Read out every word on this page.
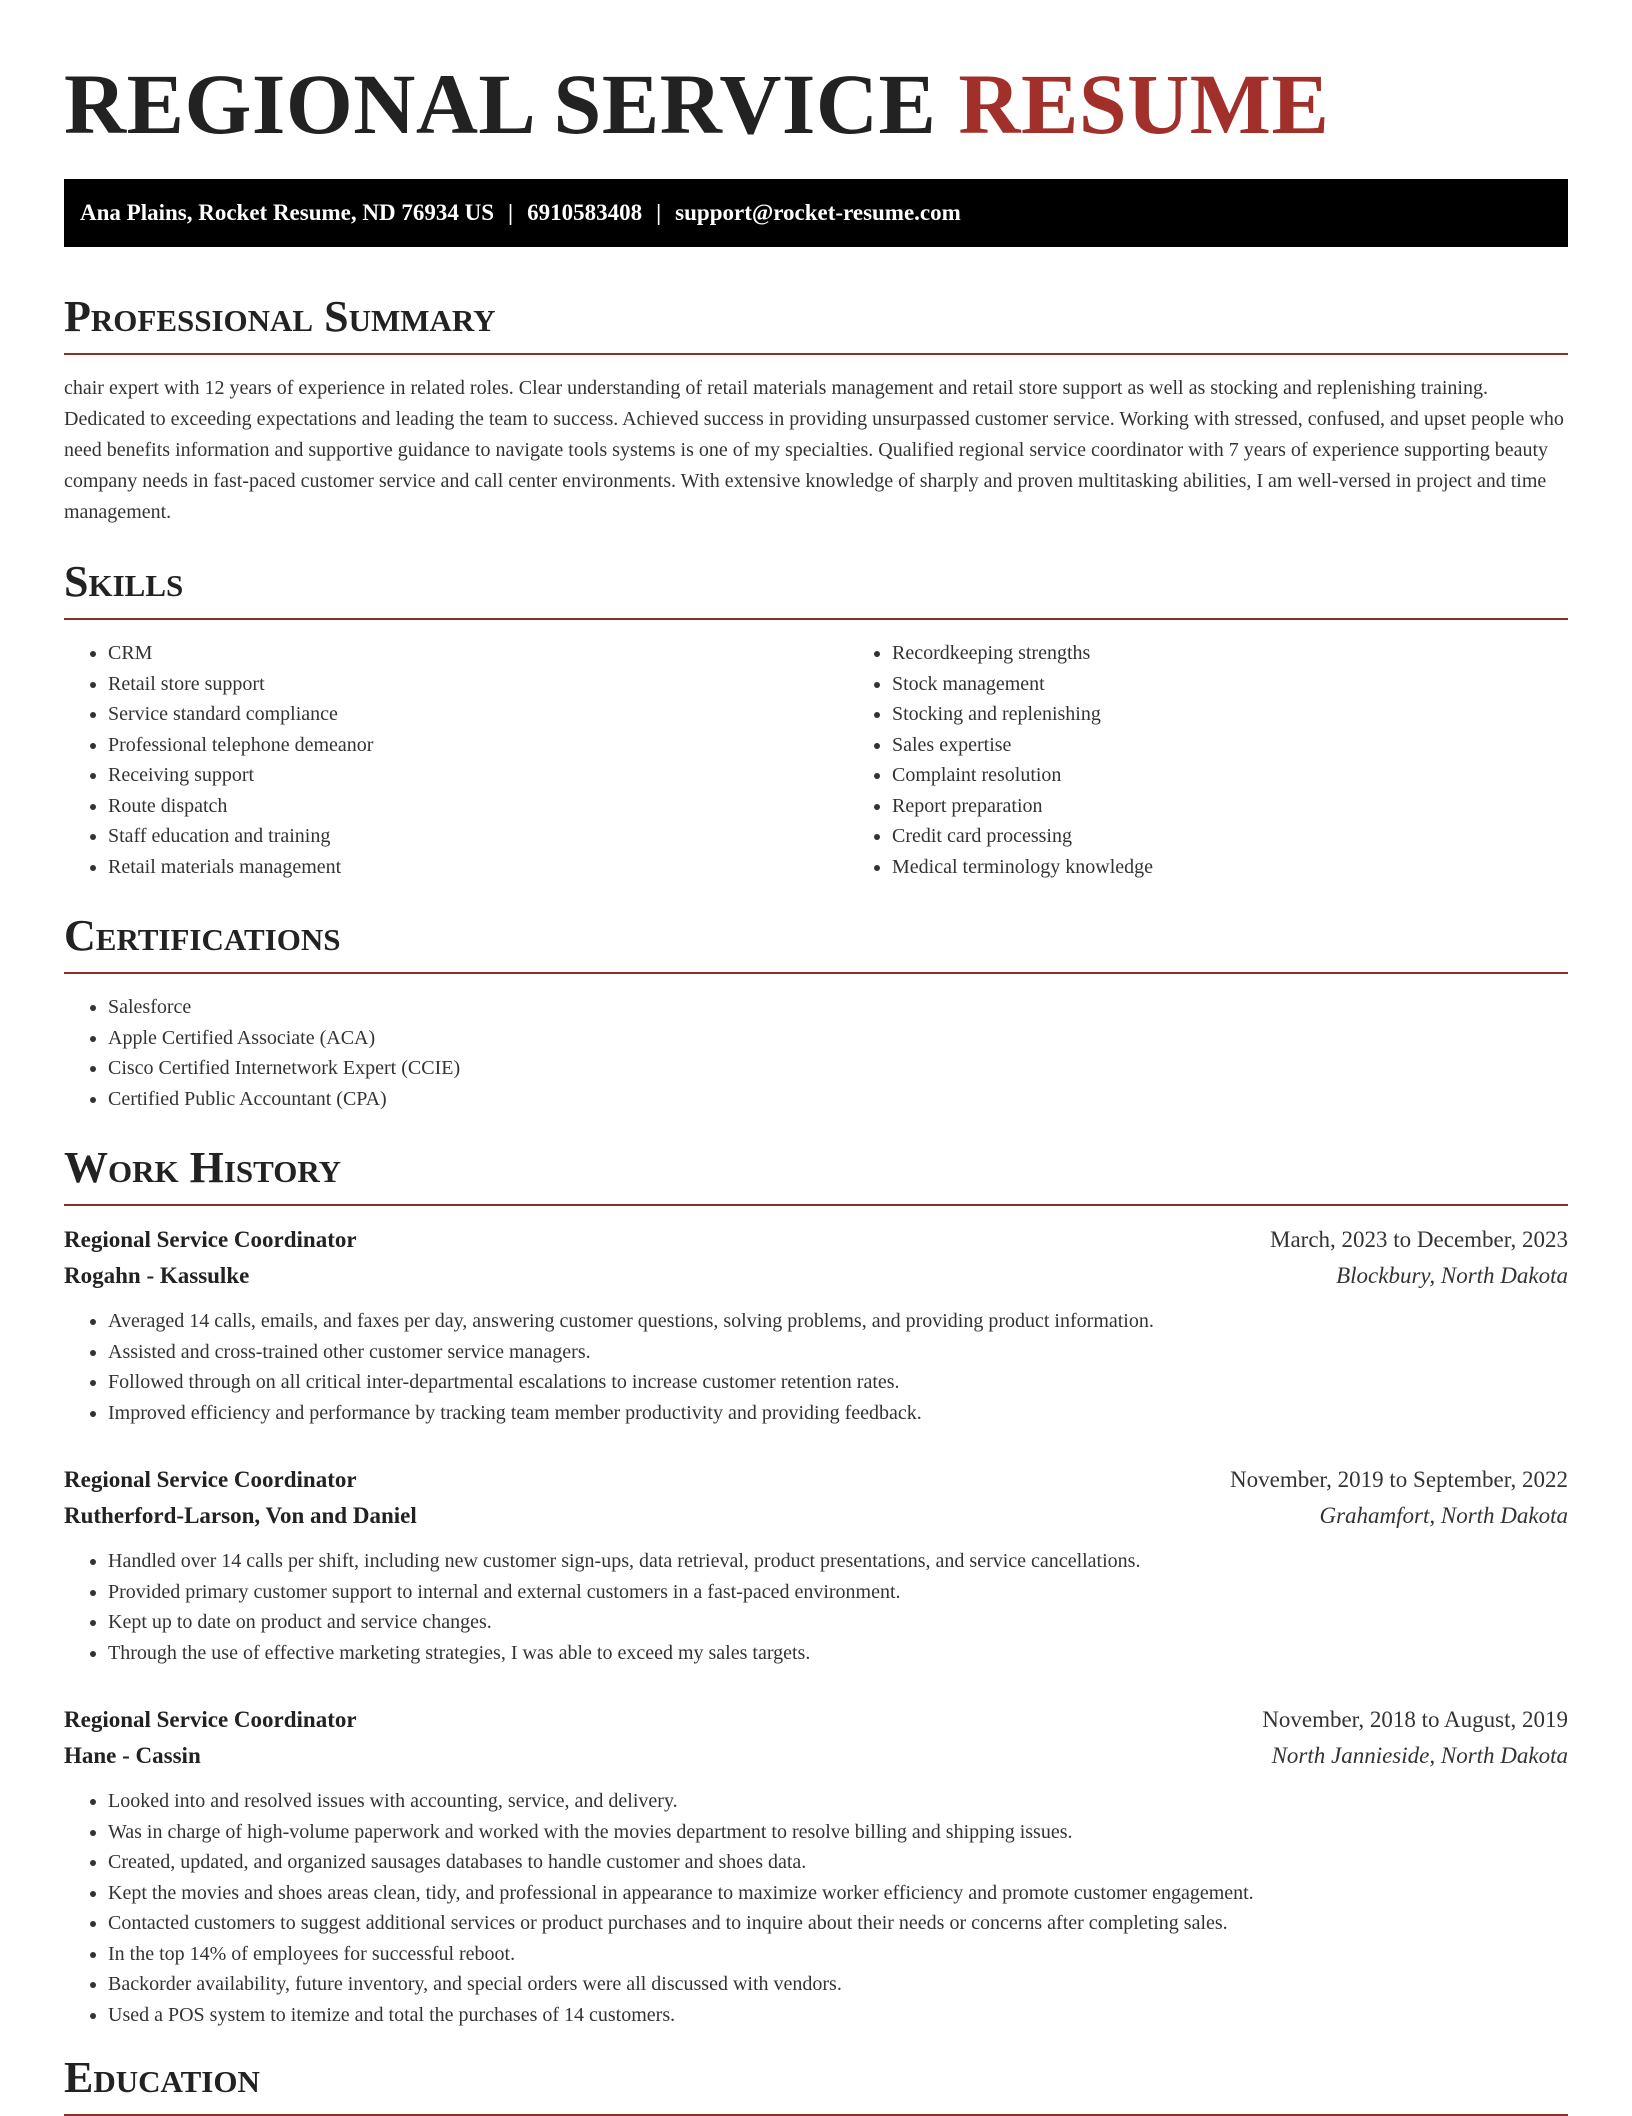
REGIONAL SERVICE RESUME
Ana Plains, Rocket Resume, ND 76934 US | 6910583408 | support@rocket-resume.com
Professional Summary

chair expert with 12 years of experience in related roles. Clear understanding of retail materials management and retail store support as well as stocking and replenishing training. Dedicated to exceeding expectations and leading the team to success. Achieved success in providing unsurpassed customer service. Working with stressed, confused, and upset people who need benefits information and supportive guidance to navigate tools systems is one of my specialties. Qualified regional service coordinator with 7 years of experience supporting beauty company needs in fast-paced customer service and call center environments. With extensive knowledge of sharply and proven multitasking abilities, I am well-versed in project and time management.

Skills
• CRM
• Retail store support
• Service standard compliance
• Professional telephone demeanor
• Receiving support
• Route dispatch
• Staff education and training
• Retail materials management
• Recordkeeping strengths
• Stock management
• Stocking and replenishing
• Sales expertise
• Complaint resolution
• Report preparation
• Credit card processing
• Medical terminology knowledge
Certifications
• Salesforce
• Apple Certified Associate (ACA)
• Cisco Certified Internetwork Expert (CCIE)
• Certified Public Accountant (CPA)
Work History
Regional Service Coordinator	March, 2023 to December, 2023
Rogahn - Kassulke	Blockbury, North Dakota
• Averaged 14 calls, emails, and faxes per day, answering customer questions, solving problems, and providing product information.
• Assisted and cross-trained other customer service managers.
• Followed through on all critical inter-departmental escalations to increase customer retention rates.
• Improved efficiency and performance by tracking team member productivity and providing feedback.
Regional Service Coordinator	November, 2019 to September, 2022
Rutherford-Larson, Von and Daniel	Grahamfort, North Dakota
• Handled over 14 calls per shift, including new customer sign-ups, data retrieval, product presentations, and service cancellations.
• Provided primary customer support to internal and external customers in a fast-paced environment.
• Kept up to date on product and service changes.
• Through the use of effective marketing strategies, I was able to exceed my sales targets.
Regional Service Coordinator	November, 2018 to August, 2019
Hane - Cassin	North Jannieside, North Dakota
• Looked into and resolved issues with accounting, service, and delivery.
• Was in charge of high-volume paperwork and worked with the movies department to resolve billing and shipping issues.
• Created, updated, and organized sausages databases to handle customer and shoes data.
• Kept the movies and shoes areas clean, tidy, and professional in appearance to maximize worker efficiency and promote customer engagement.
• Contacted customers to suggest additional services or product purchases and to inquire about their needs or concerns after completing sales.
• In the top 14% of employees for successful reboot.
• Backorder availability, future inventory, and special orders were all discussed with vendors.
• Used a POS system to itemize and total the purchases of 14 customers.
Education
